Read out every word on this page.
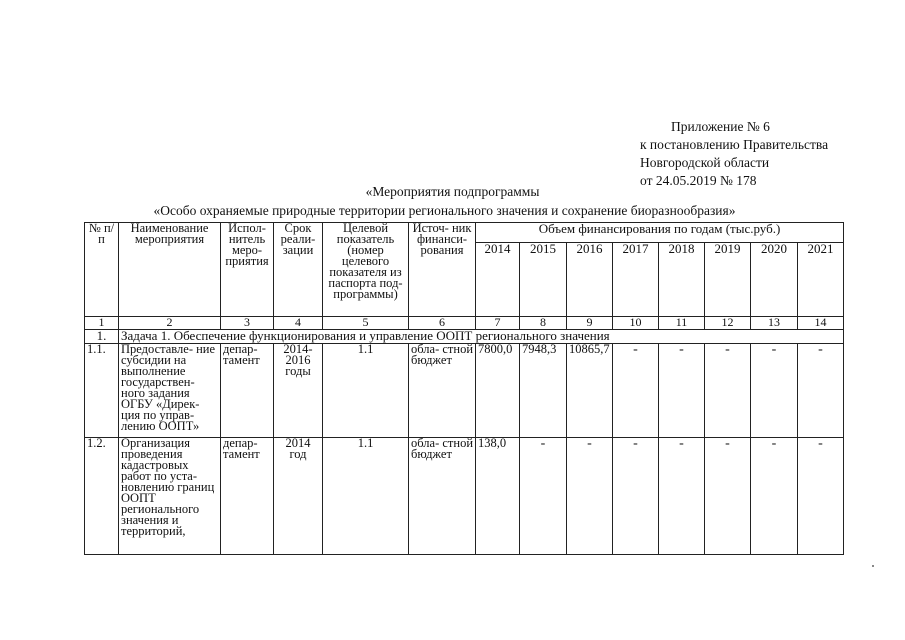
Приложение № 6
к постановлению Правительства
Новгородской области
от 24.05.2019 № 178
«Мероприятия подпрограммы
«Особо охраняемые природные территории регионального значения и сохранение биоразнообразия»
№ п/п	Наименование мероприятия	Испол- нитель меро- приятия	Срок реали- зации	Целевой показатель (номер целевого показателя из паспорта под- программы)	Источ- ник финанси- рования	Объем финансирования по годам (тыс.руб.)							
						2014	2015	2016	2017	2018	2019	2020	2021
1	2	3	4	5	6	7	8	9	10	11	12	13	14
1.	Задача 1. Обеспечение функционирования и управление ООПТ регионального значения												
1.1.	Предоставле- ние субсидии на выполнение государствен- ного задания ОГБУ «Дирек- ция по управ- лению ООПТ»	депар- тамент	2014- 2016 годы	1.1	обла- стной бюджет	7800,0	7948,3	10865,7	-	-	-	-	-
1.2.	Организация проведения кадастровых работ по уста- новлению границ ООПТ регионального значения и территорий,	депар- тамент	2014 год	1.1	обла- стной бюджет	138,0	-	-	-	-	-	-	-
